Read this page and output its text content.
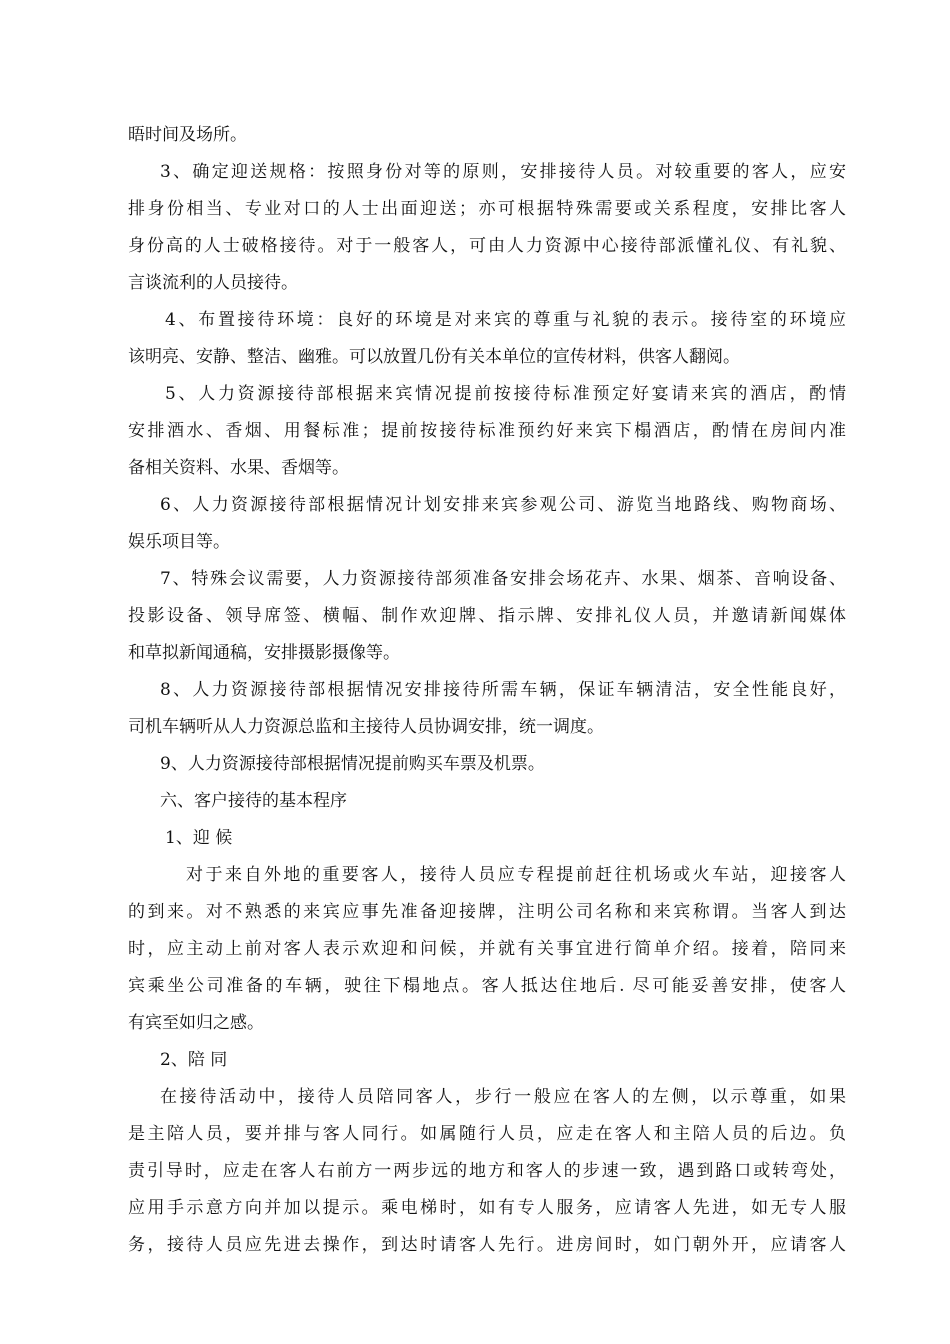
晤时间及场所。
3、确定迎送规格：按照身份对等的原则，安排接待人员。对较重要的客人，应安
排身份相当、专业对口的人士出面迎送；亦可根据特殊需要或关系程度，安排比客人
身份高的人士破格接待。对于一般客人，可由人力资源中心接待部派懂礼仪、有礼貌、
言谈流利的人员接待。
4、布置接待环境：良好的环境是对来宾的尊重与礼貌的表示。接待室的环境应
该明亮、安静、整洁、幽雅。可以放置几份有关本单位的宣传材料，供客人翻阅。
5、人力资源接待部根据来宾情况提前按接待标准预定好宴请来宾的酒店，酌情
安排酒水、香烟、用餐标准；提前按接待标准预约好来宾下榻酒店，酌情在房间内准
备相关资料、水果、香烟等。
6、人力资源接待部根据情况计划安排来宾参观公司、游览当地路线、购物商场、
娱乐项目等。
7、特殊会议需要，人力资源接待部须准备安排会场花卉、水果、烟茶、音响设备、
投影设备、领导席签、横幅、制作欢迎牌、指示牌、安排礼仪人员，并邀请新闻媒体
和草拟新闻通稿，安排摄影摄像等。
8、人力资源接待部根据情况安排接待所需车辆，保证车辆清洁，安全性能良好，
司机车辆听从人力资源总监和主接待人员协调安排，统一调度。
9、人力资源接待部根据情况提前购买车票及机票。
六、客户接待的基本程序
1、迎 候
对于来自外地的重要客人，接待人员应专程提前赶往机场或火车站，迎接客人
的到来。对不熟悉的来宾应事先准备迎接牌，注明公司名称和来宾称谓。当客人到达
时，应主动上前对客人表示欢迎和问候，并就有关事宜进行简单介绍。接着，陪同来
宾乘坐公司准备的车辆，驶往下榻地点。客人抵达住地后. 尽可能妥善安排，使客人
有宾至如归之感。
2、陪 同
在接待活动中，接待人员陪同客人，步行一般应在客人的左侧，以示尊重，如果
是主陪人员，要并排与客人同行。如属随行人员，应走在客人和主陪人员的后边。负
责引导时，应走在客人右前方一两步远的地方和客人的步速一致，遇到路口或转弯处，
应用手示意方向并加以提示。乘电梯时，如有专人服务，应请客人先进，如无专人服
务，接待人员应先进去操作，到达时请客人先行。进房间时，如门朝外开，应请客人
